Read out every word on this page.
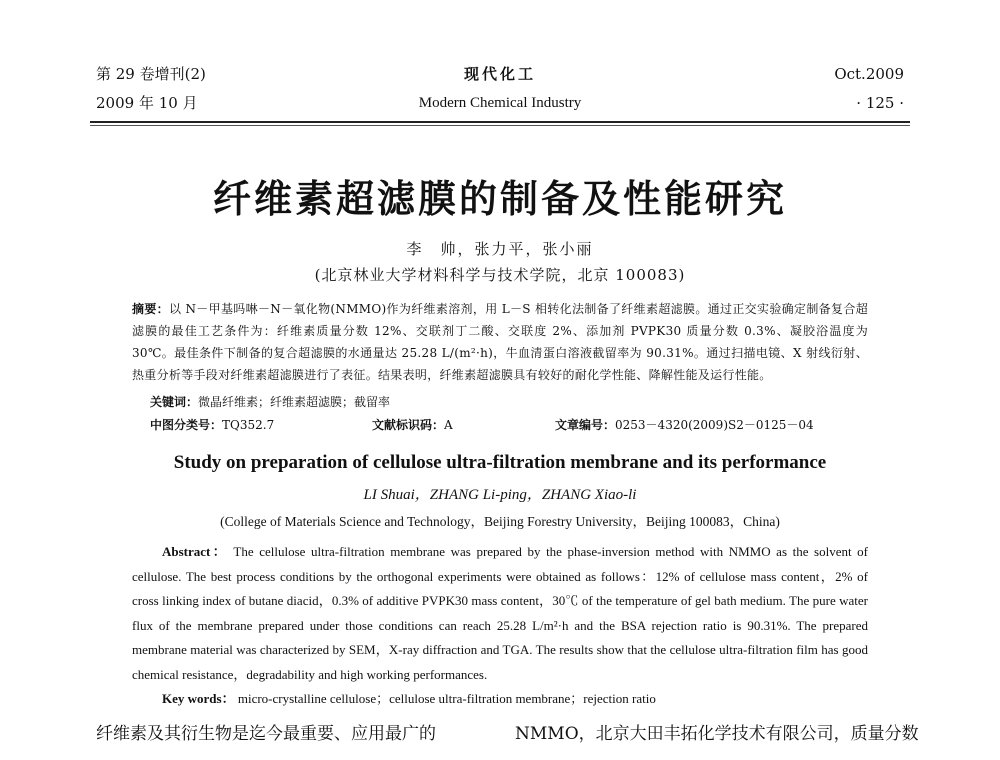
第 29 卷增刊(2)
2009 年 10 月
现代化工
Modern Chemical Industry
Oct.2009
· 125 ·
纤维素超滤膜的制备及性能研究
李　帅，张力平，张小丽
(北京林业大学材料科学与技术学院，北京 100083)
摘要：以 N－甲基吗啉－N－氧化物(NMMO)作为纤维素溶剂，用 L－S 相转化法制备了纤维素超滤膜。通过正交实验确定制备复合超滤膜的最佳工艺条件为：纤维素质量分数 12%、交联剂丁二酸、交联度 2%、添加剂 PVPK30 质量分数 0.3%、凝胶浴温度为 30℃。最佳条件下制备的复合超滤膜的水通量达 25.28 L/(m²·h)，牛血清蛋白溶液截留率为 90.31%。通过扫描电镜、X 射线衍射、热重分析等手段对纤维素超滤膜进行了表征。结果表明，纤维素超滤膜具有较好的耐化学性能、降解性能及运行性能。
关键词：微晶纤维素；纤维素超滤膜；截留率
中图分类号：TQ352.7	文献标识码：A	文章编号：0253－4320(2009)S2－0125－04
Study on preparation of cellulose ultra-filtration membrane and its performance
LI Shuai，ZHANG Li-ping，ZHANG Xiao-li
(College of Materials Science and Technology，Beijing Forestry University，Beijing 100083，China)

Abstract： The cellulose ultra-filtration membrane was prepared by the phase-inversion method with NMMO as the solvent of cellulose. The best process conditions by the orthogonal experiments were obtained as follows：12% of cellulose mass content，2% of cross linking index of butane diacid，0.3% of additive PVPK30 mass content，30℃ of the temperature of gel bath medium. The pure water flux of the membrane prepared under those conditions can reach 25.28 L/m²·h and the BSA rejection ratio is 90.31%. The prepared membrane material was characterized by SEM，X-ray diffraction and TGA. The results show that the cellulose ultra-filtration film has good chemical resistance，degradability and high working performances.

Key words： micro-crystalline cellulose；cellulose ultra-filtration membrane；rejection ratio
纤维素及其衍生物是迄今最重要、应用最广的	NMMO，北京大田丰拓化学技术有限公司，质量分数
